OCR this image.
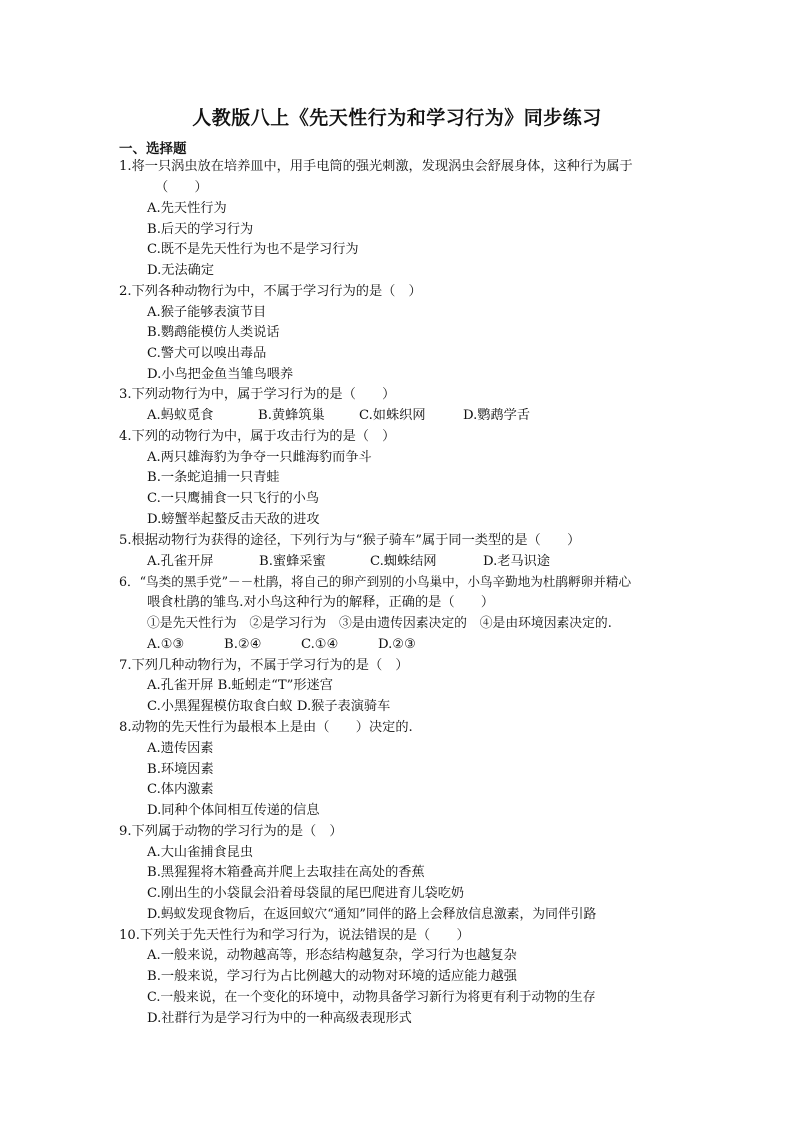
人教版八上《先天性行为和学习行为》同步练习
一、选择题
1.将一只涡虫放在培养皿中，用手电筒的强光刺激，发现涡虫会舒展身体，这种行为属于
（　　）
A.先天性行为
B.后天的学习行为
C.既不是先天性行为也不是学习行为
D.无法确定
2.下列各种动物行为中，不属于学习行为的是（　）
A.猴子能够表演节目
B.鹦鹉能模仿人类说话
C.警犬可以嗅出毒品
D.小鸟把金鱼当雏鸟喂养
3.下列动物行为中，属于学习行为的是（　　）
A.蚂蚁觅食	B.黄蜂筑巢	C.如蛛织网	D.鹦鹉学舌
4.下列的动物行为中，属于攻击行为的是（　）
A.两只雄海豹为争夺一只雌海豹而争斗
B.一条蛇追捕一只青蛙
C.一只鹰捕食一只飞行的小鸟
D.螃蟹举起螯反击天敌的进攻
5.根据动物行为获得的途径，下列行为与“猴子骑车”属于同一类型的是（　　）
A.孔雀开屏	B.蜜蜂采蜜	C.蜘蛛结网	D.老马识途
6．“鸟类的黑手党”－－杜鹃，将自己的卵产到别的小鸟巢中，小鸟辛勤地为杜鹃孵卵并精心
喂食杜鹃的雏鸟.对小鸟这种行为的解释，正确的是（　　）
①是先天性行为　②是学习行为　③是由遗传因素决定的　④是由环境因素决定的.
A.①③	B.②④	C.①④	D.②③
7.下列几种动物行为，不属于学习行为的是（　）
A.孔雀开屏 B.蚯蚓走“T”形迷宫
C.小黑猩猩模仿取食白蚁 D.猴子表演骑车
8.动物的先天性行为最根本上是由（　　）决定的.
A.遗传因素
B.环境因素
C.体内激素
D.同种个体间相互传递的信息
9.下列属于动物的学习行为的是（　）
A.大山雀捕食昆虫
B.黑猩猩将木箱叠高并爬上去取挂在高处的香蕉
C.刚出生的小袋鼠会沿着母袋鼠的尾巴爬进育儿袋吃奶
D.蚂蚁发现食物后，在返回蚁穴“通知”同伴的路上会释放信息激素，为同伴引路
10.下列关于先天性行为和学习行为，说法错误的是（　　）
A.一般来说，动物越高等，形态结构越复杂，学习行为也越复杂
B.一般来说，学习行为占比例越大的动物对环境的适应能力越强
C.一般来说，在一个变化的环境中，动物具备学习新行为将更有利于动物的生存
D.社群行为是学习行为中的一种高级表现形式
